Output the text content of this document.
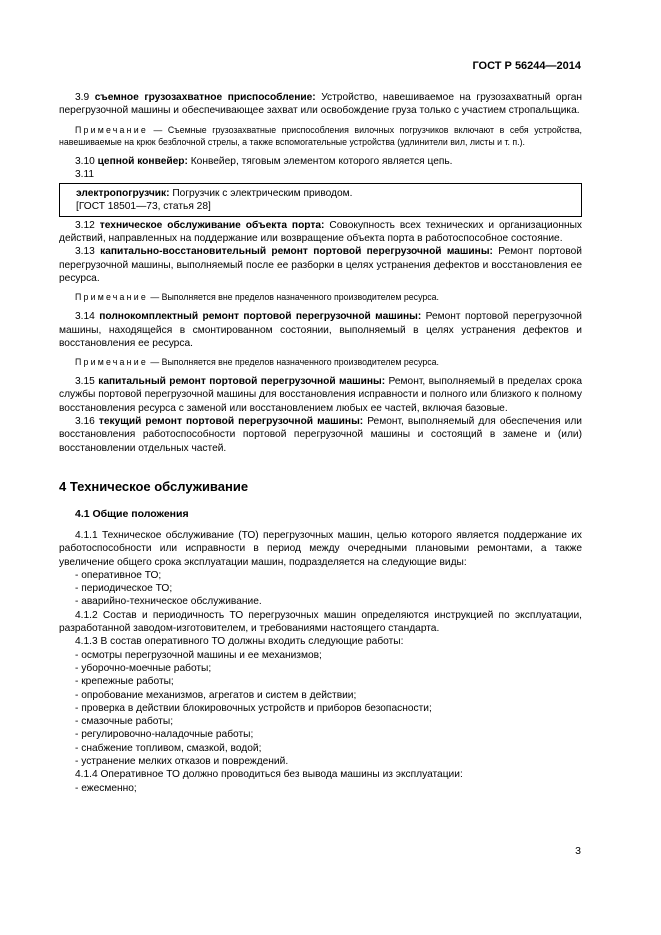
ГОСТ Р 56244—2014

3.9 съемное грузозахватное приспособление: Устройство, навешиваемое на грузозахватный орган перегрузочной машины и обеспечивающее захват или освобождение груза только с участием стропальщика.

Примечание — Съемные грузозахватные приспособления вилочных погрузчиков включают в себя устройства, навешиваемые на крюк безблочной стрелы, а также вспомогательные устройства (удлинители вил, листы и т. п.).

3.10 цепной конвейер: Конвейер, тяговым элементом которого является цепь.

3.11

электропогрузчик: Погрузчик с электрическим приводом.

[ГОСТ 18501—73, статья 28]

3.12 техническое обслуживание объекта порта: Совокупность всех технических и организационных действий, направленных на поддержание или возвращение объекта порта в работоспособное состояние.

3.13 капитально-восстановительный ремонт портовой перегрузочной машины: Ремонт портовой перегрузочной машины, выполняемый после ее разборки в целях устранения дефектов и восстановления ее ресурса.

Примечание — Выполняется вне пределов назначенного производителем ресурса.

3.14 полнокомплектный ремонт портовой перегрузочной машины: Ремонт портовой перегрузочной машины, находящейся в смонтированном состоянии, выполняемый в целях устранения дефектов и восстановления ее ресурса.

Примечание — Выполняется вне пределов назначенного производителем ресурса.

3.15 капитальный ремонт портовой перегрузочной машины: Ремонт, выполняемый в пределах срока службы портовой перегрузочной машины для восстановления исправности и полного или близкого к полному восстановления ресурса с заменой или восстановлением любых ее частей, включая базовые.

3.16 текущий ремонт портовой перегрузочной машины: Ремонт, выполняемый для обеспечения или восстановления работоспособности портовой перегрузочной машины и состоящий в замене и (или) восстановлении отдельных частей.

4 Техническое обслуживание
4.1 Общие положения

4.1.1 Техническое обслуживание (ТО) перегрузочных машин, целью которого является поддержание их работоспособности или исправности в период между очередными плановыми ремонтами, а также увеличение общего срока эксплуатации машин, подразделяется на следующие виды:

- оперативное ТО;
- периодическое ТО;
- аварийно-техническое обслуживание.

4.1.2 Состав и периодичность ТО перегрузочных машин определяются инструкцией по эксплуатации, разработанной заводом-изготовителем, и требованиями настоящего стандарта.

4.1.3 В состав оперативного ТО должны входить следующие работы:

- осмотры перегрузочной машины и ее механизмов;
- уборочно-моечные работы;
- крепежные работы;
- опробование механизмов, агрегатов и систем в действии;
- проверка в действии блокировочных устройств и приборов безопасности;
- смазочные работы;
- регулировочно-наладочные работы;
- снабжение топливом, смазкой, водой;
- устранение мелких отказов и повреждений.

4.1.4 Оперативное ТО должно проводиться без вывода машины из эксплуатации:

- ежесменно;
3
